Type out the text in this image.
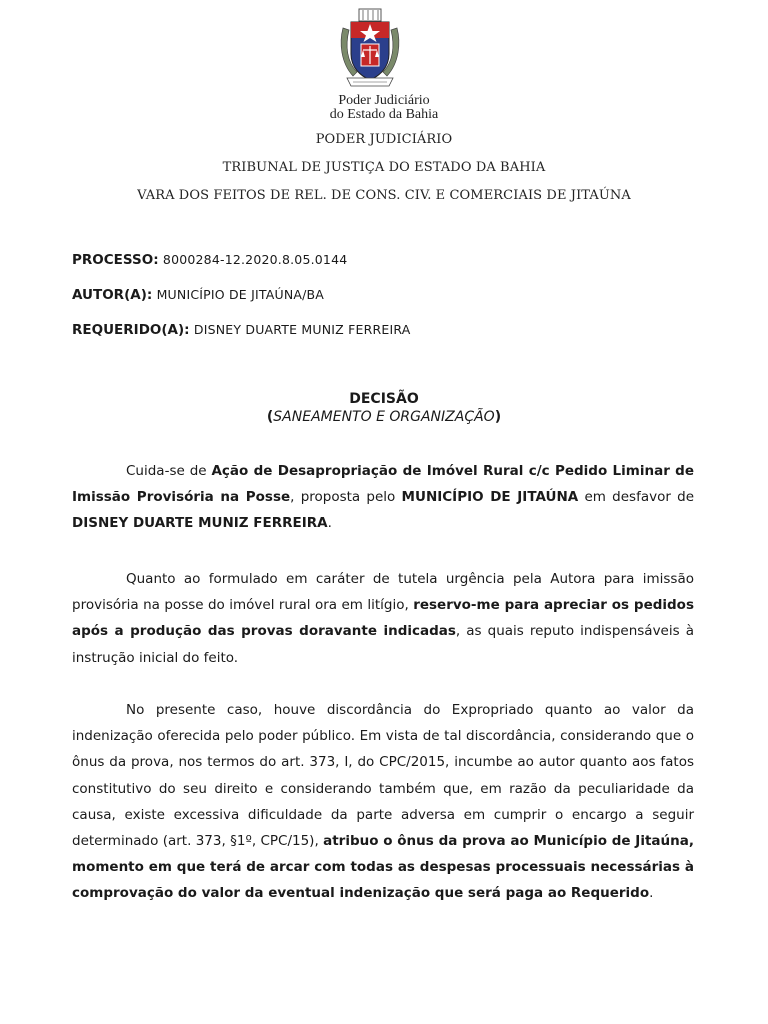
Poder Judiciário
do Estado da Bahia
PODER JUDICIÁRIO
TRIBUNAL DE JUSTIÇA DO ESTADO DA BAHIA
VARA DOS FEITOS DE REL. DE CONS. CIV. E COMERCIAIS DE JITAÚNA
PROCESSO: 8000284-12.2020.8.05.0144
AUTOR(A): MUNICÍPIO DE JITAÚNA/BA
REQUERIDO(A): DISNEY DUARTE MUNIZ FERREIRA
DECISÃO
(SANEAMENTO E ORGANIZAÇÃO)

Cuida-se de Ação de Desapropriação de Imóvel Rural c/c Pedido Liminar de Imissão Provisória na Posse, proposta pelo MUNICÍPIO DE JITAÚNA em desfavor de DISNEY DUARTE MUNIZ FERREIRA.

Quanto ao formulado em caráter de tutela urgência pela Autora para imissão provisória na posse do imóvel rural ora em litígio, reservo-me para apreciar os pedidos após a produção das provas doravante indicadas, as quais reputo indispensáveis à instrução inicial do feito.

No presente caso, houve discordância do Expropriado quanto ao valor da indenização oferecida pelo poder público. Em vista de tal discordância, considerando que o ônus da prova, nos termos do art. 373, I, do CPC/2015, incumbe ao autor quanto aos fatos constitutivo do seu direito e considerando também que, em razão da peculiaridade da causa, existe excessiva dificuldade da parte adversa em cumprir o encargo a seguir determinado (art. 373, §1º, CPC/15), atribuo o ônus da prova ao Município de Jitaúna, momento em que terá de arcar com todas as despesas processuais necessárias à comprovação do valor da eventual indenização que será paga ao Requerido.
